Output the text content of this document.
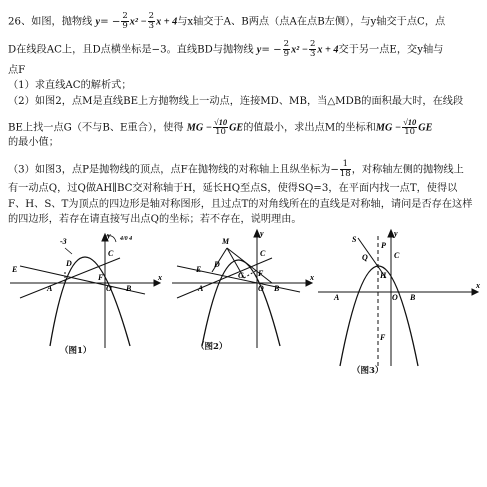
26、如图，抛物线 $y= - \frac{2}{9} x^2 - \frac{2}{3}$ x + 4与x轴交于A、B两点（点A在点B左侧），与y轴交于点C，点
D在线段AC上，且D点横坐标是−3。直线BD与抛物线 $y= - \frac{2}{9} x^2 - \frac{2}{3}$ x + 4交于另一点E，交y轴与
点F
（1）求直线AC的解析式；
（2）如图2，点M是直线BE上方抛物线上一动点，连接MD、MB，当△MDB的面积最大时，在线段
BE上找一点G（不与B、E重合），使得 MG − $\frac{√10}{10}$ GE的值最小，求出点M的坐标和MG − $\frac{√10}{10}$ GE
的最小值；
（3）如图3，点P是抛物线的顶点，点F在抛物线的对称轴上且纵坐标为− $\frac{1}{18}$ ，对称轴左侧的抛物线上
有一动点Q，过Q做AH∥BC交对称轴于H，延长HQ至点S，使得SQ=3，在平面内找一点T，使得以
F、H、S、T为顶点的四边形是轴对称图形，且过点T的对角线所在的直线是对称轴，请问是否存在这样
的四边形，若存在请直接写出点Q的坐标；若不存在，说明理由。
y
C
D
E
F
A	O B
x
-3	4/0 4
（图1）
y
M
C
D
E
G F
A	O B
x
（图2）
y
S
P
C
Q
H
A	O B
x
F
（图3）
